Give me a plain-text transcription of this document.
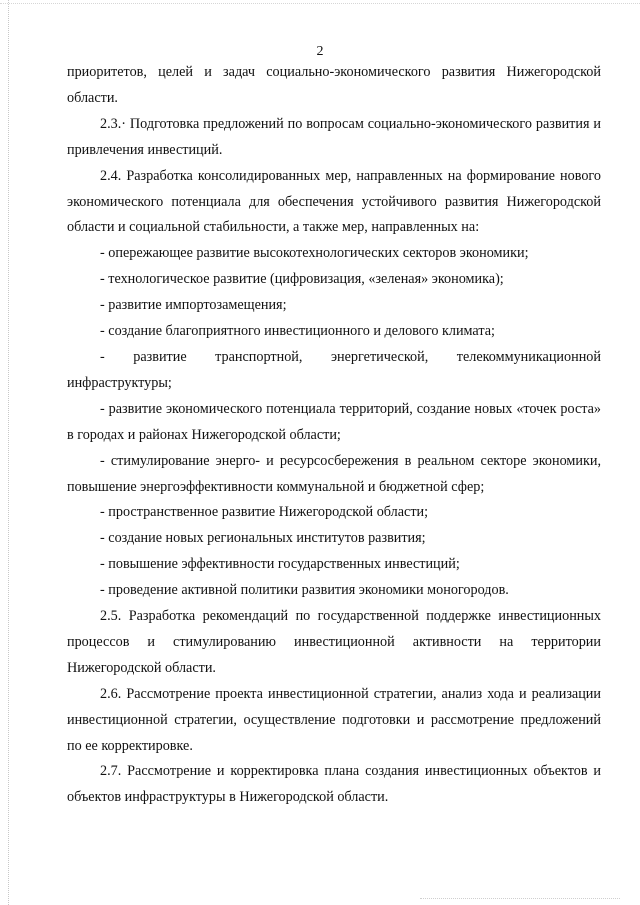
2

приоритетов, целей и задач социально-экономического развития Нижегородской области.

2.3.· Подготовка предложений по вопросам социально-экономического развития и привлечения инвестиций.

2.4. Разработка консолидированных мер, направленных на формирование нового экономического потенциала для обеспечения устойчивого развития Нижегородской области и социальной стабильности, а также мер, направленных на:

- опережающее развитие высокотехнологических секторов экономики;

- технологическое развитие (цифровизация, «зеленая» экономика);

- развитие импортозамещения;

- создание благоприятного инвестиционного и делового климата;

- развитие транспортной, энергетической, телекоммуникационной инфраструктуры;

- развитие экономического потенциала территорий, создание новых «точек роста» в городах и районах Нижегородской области;

- стимулирование энерго- и ресурсосбережения в реальном секторе экономики, повышение энергоэффективности коммунальной и бюджетной сфер;

- пространственное развитие Нижегородской области;

- создание новых региональных институтов развития;

- повышение эффективности государственных инвестиций;

- проведение активной политики развития экономики моногородов.

2.5. Разработка рекомендаций по государственной поддержке инвестиционных процессов и стимулированию инвестиционной активности на территории Нижегородской области.

2.6. Рассмотрение проекта инвестиционной стратегии, анализ хода и реализации инвестиционной стратегии, осуществление подготовки и рассмотрение предложений по ее корректировке.

2.7. Рассмотрение и корректировка плана создания инвестиционных объектов и объектов инфраструктуры в Нижегородской области.
